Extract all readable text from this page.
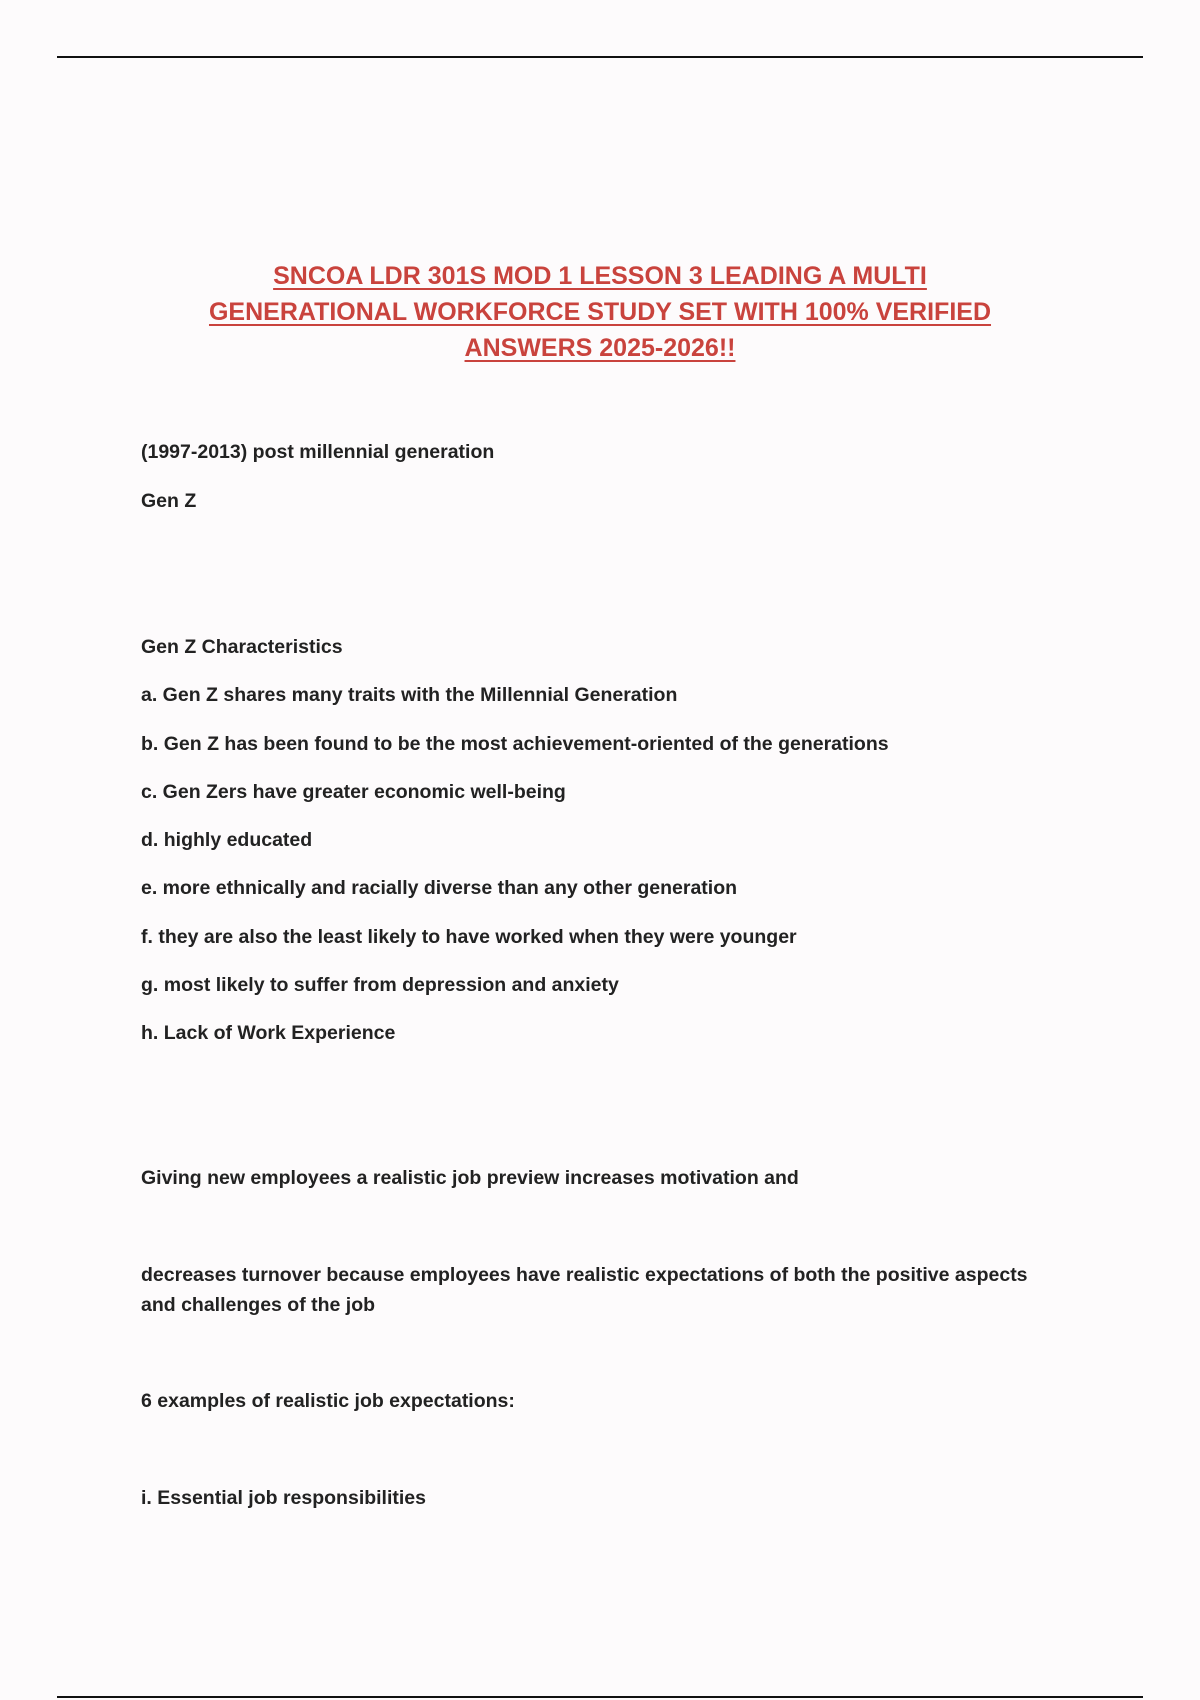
SNCOA LDR 301S MOD 1 LESSON 3 LEADING A MULTI
GENERATIONAL WORKFORCE STUDY SET WITH 100% VERIFIED
ANSWERS 2025-2026!!

(1997-2013) post millennial generation

Gen Z

Gen Z Characteristics

a. Gen Z shares many traits with the Millennial Generation

b. Gen Z has been found to be the most achievement-oriented of the generations

c. Gen Zers have greater economic well-being

d. highly educated

e. more ethnically and racially diverse than any other generation

f. they are also the least likely to have worked when they were younger

g. most likely to suffer from depression and anxiety

h. Lack of Work Experience

Giving new employees a realistic job preview increases motivation and

decreases turnover because employees have realistic expectations of both the positive aspects and challenges of the job

6 examples of realistic job expectations:

i. Essential job responsibilities
